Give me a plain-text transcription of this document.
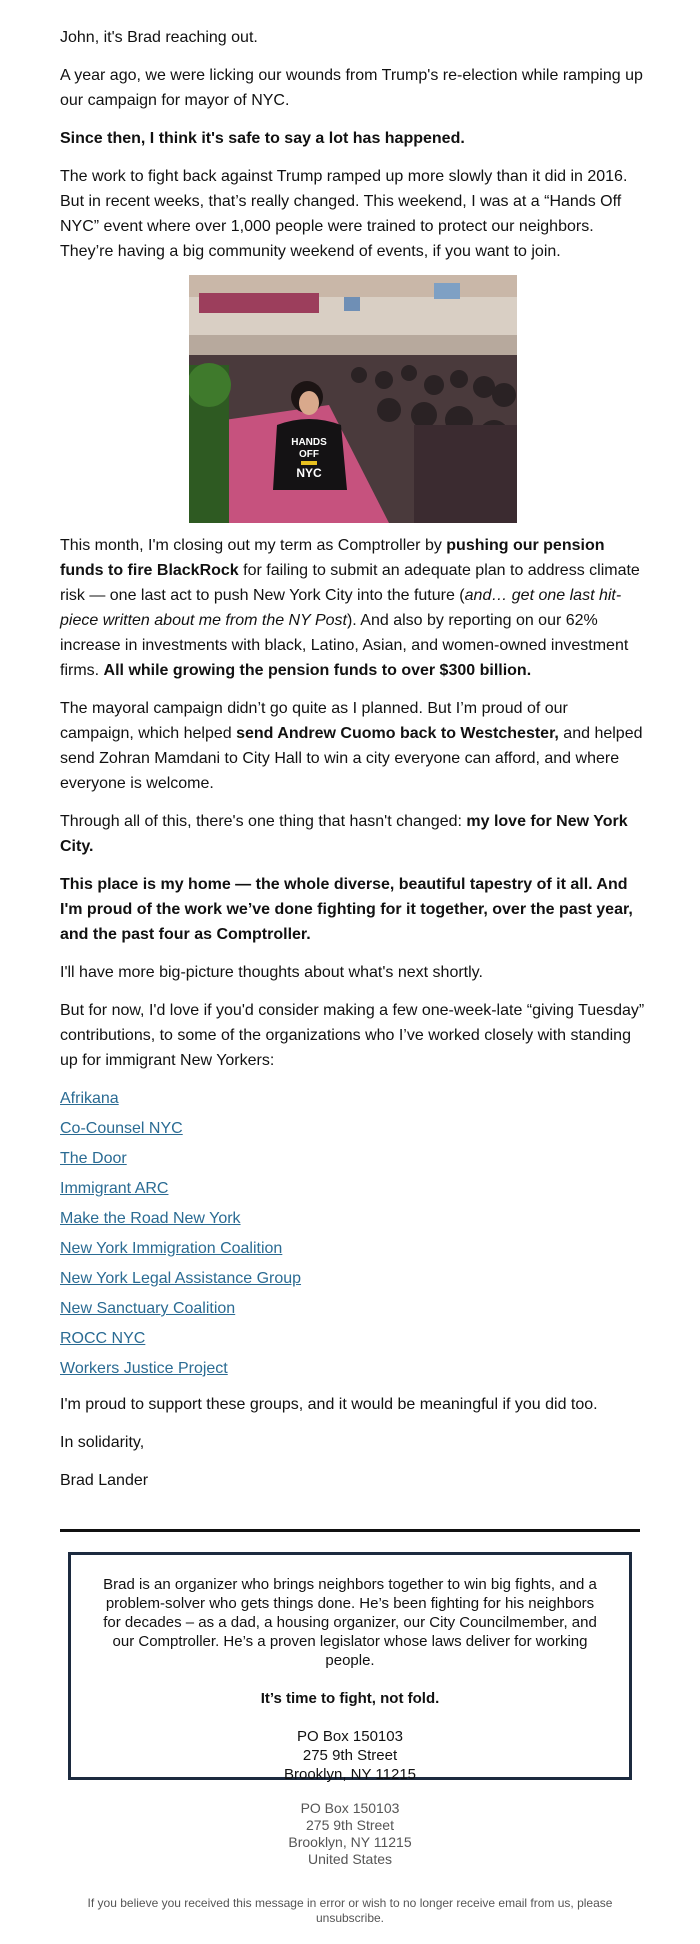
John, it's Brad reaching out.

A year ago, we were licking our wounds from Trump's re-election while ramping up our campaign for mayor of NYC.

Since then, I think it's safe to say a lot has happened.

The work to fight back against Trump ramped up more slowly than it did in 2016. But in recent weeks, that’s really changed. This weekend, I was at a “Hands Off NYC” event where over 1,000 people were trained to protect our neighbors. They’re having a big community weekend of events, if you want to join.

HANDS
OFF
NYC

This month, I'm closing out my term as Comptroller by pushing our pension funds to fire BlackRock for failing to submit an adequate plan to address climate risk — one last act to push New York City into the future (and… get one last hit-piece written about me from the NY Post). And also by reporting on our 62% increase in investments with black, Latino, Asian, and women-owned investment firms. All while growing the pension funds to over $300 billion.

The mayoral campaign didn’t go quite as I planned. But I’m proud of our campaign, which helped send Andrew Cuomo back to Westchester, and helped send Zohran Mamdani to City Hall to win a city everyone can afford, and where everyone is welcome.

Through all of this, there's one thing that hasn't changed: my love for New York City.

This place is my home — the whole diverse, beautiful tapestry of it all. And I'm proud of the work we’ve done fighting for it together, over the past year, and the past four as Comptroller.

I'll have more big-picture thoughts about what's next shortly.

But for now, I'd love if you'd consider making a few one-week-late “giving Tuesday” contributions, to some of the organizations who I’ve worked closely with standing up for immigrant New Yorkers:

Afrikana

Co-Counsel NYC

The Door

Immigrant ARC

Make the Road New York

New York Immigration Coalition

New York Legal Assistance Group

New Sanctuary Coalition

ROCC NYC

Workers Justice Project

I'm proud to support these groups, and it would be meaningful if you did too.

In solidarity,

Brad Lander

Brad is an organizer who brings neighbors together to win big fights, and a problem-solver who gets things done. He’s been fighting for his neighbors for decades – as a dad, a housing organizer, our City Councilmember, and our Comptroller. He’s a proven legislator whose laws deliver for working people.
It’s time to fight, not fold.
PO Box 150103
275 9th Street
Brooklyn, NY 11215
PO Box 150103
275 9th Street
Brooklyn, NY 11215
United States
If you believe you received this message in error or wish to no longer receive email from us, please unsubscribe.
